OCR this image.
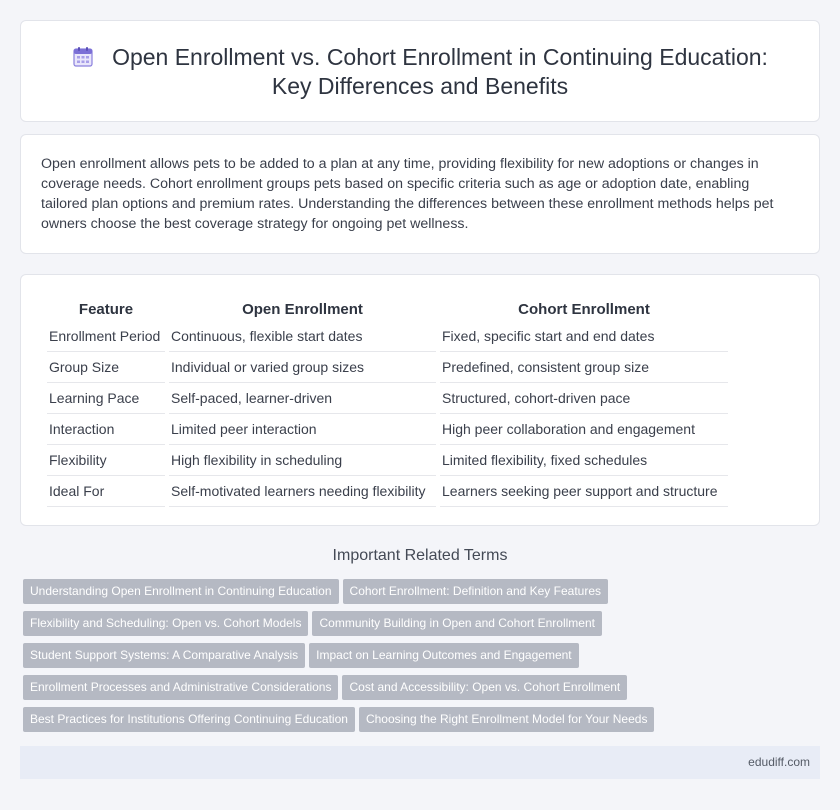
Open Enrollment vs. Cohort Enrollment in Continuing Education:
Key Differences and Benefits

Open enrollment allows pets to be added to a plan at any time, providing flexibility for new adoptions or changes in coverage needs. Cohort enrollment groups pets based on specific criteria such as age or adoption date, enabling tailored plan options and premium rates. Understanding the differences between these enrollment methods helps pet owners choose the best coverage strategy for ongoing pet wellness.

Feature	Open Enrollment	Cohort Enrollment
Enrollment Period	Continuous, flexible start dates	Fixed, specific start and end dates
Group Size	Individual or varied group sizes	Predefined, consistent group size
Learning Pace	Self-paced, learner-driven	Structured, cohort-driven pace
Interaction	Limited peer interaction	High peer collaboration and engagement
Flexibility	High flexibility in scheduling	Limited flexibility, fixed schedules
Ideal For	Self-motivated learners needing flexibility	Learners seeking peer support and structure
Important Related Terms
Understanding Open Enrollment in Continuing Education Cohort Enrollment: Definition and Key Features
Flexibility and Scheduling: Open vs. Cohort Models Community Building in Open and Cohort Enrollment
Student Support Systems: A Comparative Analysis Impact on Learning Outcomes and Engagement
Enrollment Processes and Administrative Considerations Cost and Accessibility: Open vs. Cohort Enrollment
Best Practices for Institutions Offering Continuing Education Choosing the Right Enrollment Model for Your Needs
edudiff.com
